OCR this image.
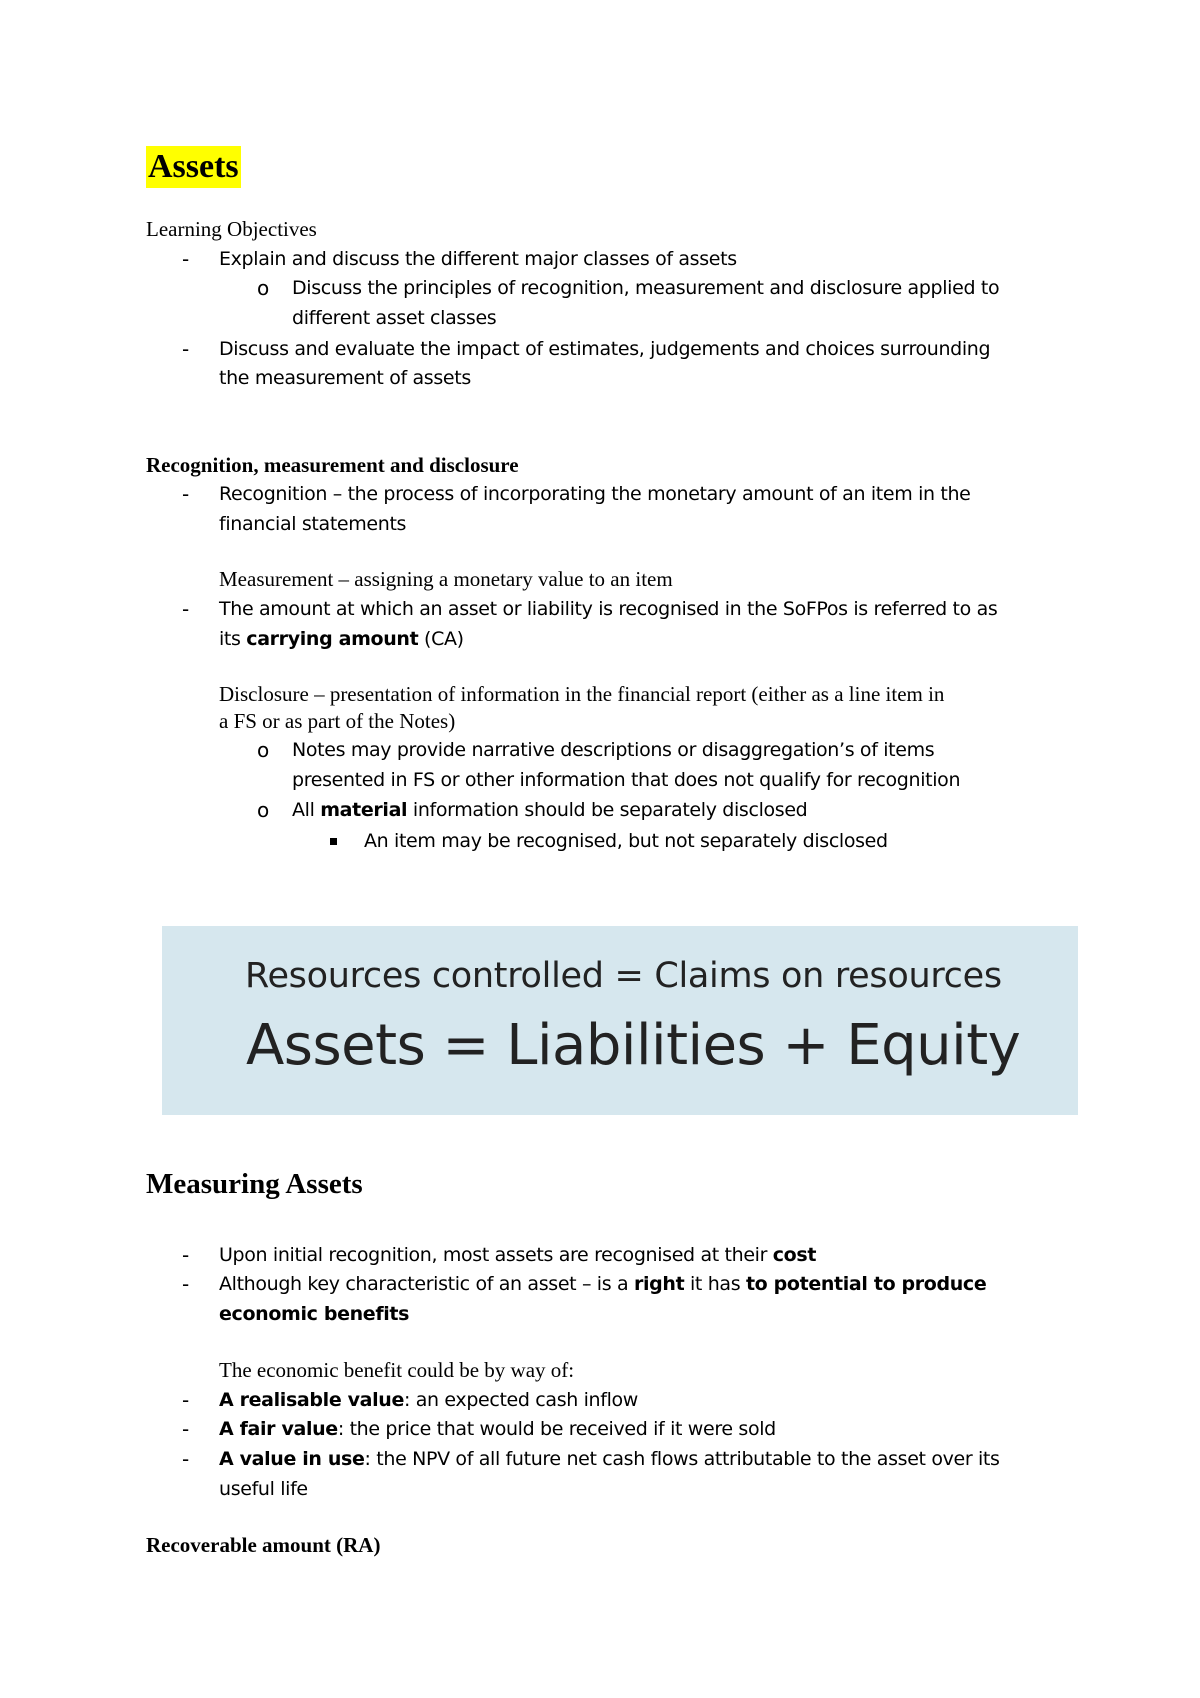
Assets
Learning Objectives
- Explain and discuss the different major classes of assets
o Discuss the principles of recognition, measurement and disclosure applied to
different asset classes
- Discuss and evaluate the impact of estimates, judgements and choices surrounding
the measurement of assets
Recognition, measurement and disclosure
- Recognition – the process of incorporating the monetary amount of an item in the
financial statements
Measurement – assigning a monetary value to an item
- The amount at which an asset or liability is recognised in the SoFPos is referred to as
its carrying amount (CA)
Disclosure – presentation of information in the financial report (either as a line item in
a FS or as part of the Notes)
o Notes may provide narrative descriptions or disaggregation’s of items
presented in FS or other information that does not qualify for recognition
o All material information should be separately disclosed
An item may be recognised, but not separately disclosed
Resources controlled = Claims on resources
Assets = Liabilities + Equity
Measuring Assets
- Upon initial recognition, most assets are recognised at their cost
- Although key characteristic of an asset – is a right it has to potential to produce
economic benefits
The economic benefit could be by way of:
- A realisable value: an expected cash inflow
- A fair value: the price that would be received if it were sold
- A value in use: the NPV of all future net cash flows attributable to the asset over its
useful life
Recoverable amount (RA)
